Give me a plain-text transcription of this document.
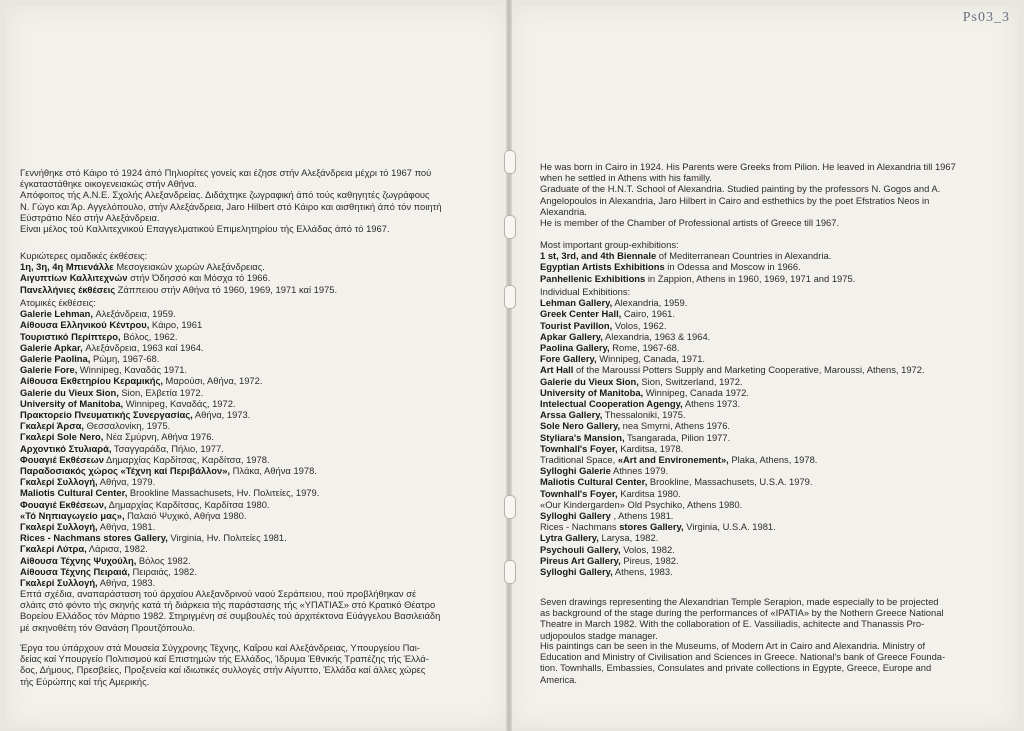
Ps03_3

Γεννήθηκε στό Κάιρο τό 1924 άπό Πηλιορίτες γονείς και έζησε στήν Αλεξάνδρεια μέχρι τό 1967 πού

έγκαταστάθηκε οικογενειακώς στήν Αθήνα.

Απόφοιτος τής Α.Ν.Ε. Σχολής Αλεξανδρείας. Διδάχτηκε ζωγραφική άπό τούς καθηγητές ζωγράφους

Ν. Γώγο και Άρ. Αγγελόπουλο, στήν Αλεξάνδρεια, Jaro Hilbert στό Κάιρο και αισθητική άπό τόν ποιητή

Εύστράτιο Νέο στήν Αλεξάνδρεια.

Είναι μέλος τού Καλλιτεχνικού Επαγγελματικού Επιμελητηρίου τής Ελλάδας άπό τό 1967.

Κυριώτερες ομαδικές έκθέσεις:

1η, 3η, 4η Μπιενάλλε Μεσογειακών χωρών Αλεξάνδρειας.

Αιγυπτίων Καλλιτεχνών στήν Όδησσό και Μόσχα τό 1966.

Πανελλήνιες έκθέσεις Ζάππειου στήν Αθήνα τό 1960, 1969, 1971 καί 1975.

Ατομικές έκθέσεις:

Galerie Lehman, Αλεξάνδρεια, 1959.

Αίθουσα Ελληνικού Κέντρου, Κάιρο, 1961

Τουριστικό Περίπτερο, Βόλος, 1962.

Galerie Apkar, Αλεξάνδρεια, 1963 καί 1964.

Galerie Paolina, Ρώμη, 1967-68.

Galerie Fore, Winnipeg, Καναδάς 1971.

Αίθουσα Εκθετηρίου Κεραμικής, Μαρούσι, Αθήνα, 1972.

Galerie du Vieux Sion, Sion, Ελβετία 1972.

University of Manitoba, Winnipeg, Καναδάς, 1972.

Πρακτορείο Πνευματικής Συνεργασίας, Αθήνα, 1973.

Γκαλερί Άρσα, Θεσσαλονίκη, 1975.

Γκαλερί Sole Nero, Νέα Σμύρνη, Αθήνα 1976.

Αρχοντικό Στυλιαρά, Τσαγγαράδα, Πήλιο, 1977.

Φουαγιέ Εκθέσεων Δημαρχίας Καρδίτσας, Καρδίτσα, 1978.

Παραδοσιακός χώρος «Τέχνη καί Περιβάλλον», Πλάκα, Αθήνα 1978.

Γκαλερί Συλλογή, Αθήνα, 1979.

Maliotis Cultural Center, Brookline Massachusets, Ην. Πολιτείες, 1979.

Φουαγιέ Εκθέσεων, Δημαρχίας Καρδίτσας, Καρδίτσα 1980.

«Τό Νηπιαγωγείο μας», Παλαιό Ψυχικό, Αθήνα 1980.

Γκαλερί Συλλογή, Αθήνα, 1981.

Rices - Nachmans stores Gallery, Virginia, Ην. Πολιτείες 1981.

Γκαλερί Λύτρα, Λάρισα, 1982.

Αίθουσα Τέχνης Ψυχούλη, Βόλος 1982.

Αίθουσα Τέχνης Πειραιά, Πειραιάς, 1982.

Γκαλερί Συλλογή, Αθήνα, 1983.

Επτά σχέδια, αναπαράσταση τού άρχαίου Αλεξανδρινού ναού Σεράπειου, πού προβλήθηκαν σέ

σλάιτς στό φόντο τής σκηνής κατά τή διάρκεια τής παράστασης τής «ΥΠΑΤΙΑΣ» στό Κρατικό Θέατρο

Βορείου Ελλάδος τόν Μάρτιο 1982. Στηριγμένη σέ συμβουλές τού άρχιτέκτονα Εύάγγελου Βασιλειάδη

μέ σκηνοθέτη τόν Θανάση Προυτζόπουλο.

Έργα του ύπάρχουν στά Μουσεία Σύγχρονης Τέχνης, Καΐρου καί Αλεξάνδρειας, Υπουργείου Παι-

δείας καί Υπουργείο Πολιτισμού καί Επιστημών τής Ελλάδος, Ίδρυμα Έθνικής Τραπέζης τής Έλλά-

δος, Δήμους, Πρεσβείες, Προξενεία καί ιδιωτικές συλλογές στήν Αίγυπτο, Έλλάδα καί άλλες χώρες

τής Εύρώπης καί τής Αμερικής.

He was born in Cairo in 1924. His Parents were Greeks from Pilion. He leaved in Alexandria till 1967

when he settled in Athens with his familly.

Graduate of the H.N.T. School of Alexandria. Studied painting by the professors N. Gogos and A.

Angelopoulos in Alexandria, Jaro Hilbert in Cairo and esthethics by the poet Efstratios Neos in

Alexandria.

He is member of the Chamber of Professional artists of Greece till 1967.

Most important group-exhibitions:

1 st, 3rd, and 4th Biennale of Mediterranean Countries in Alexandria.

Egyptian Artists Exhibitions in Odessa and Moscow in 1966.

Panhellenic Exhibitions in Zappion, Athens in 1960, 1969, 1971 and 1975.

Individual Exhibitions:

Lehman Gallery, Alexandria, 1959.

Greek Center Hall, Cairo, 1961.

Tourist Pavillon, Volos, 1962.

Apkar Gallery, Alexandria, 1963 & 1964.

Paolina Gallery, Rome, 1967-68.

Fore Gallery, Winnipeg, Canada, 1971.

Art Hall of the Maroussi Potters Supply and Marketing Cooperative, Maroussi, Athens, 1972.

Galerie du Vieux Sion, Sion, Switzerland, 1972.

University of Manitoba, Winnipeg, Canada 1972.

Intelectual Cooperation Agengy, Athens 1973.

Arssa Gallery, Thessaloniki, 1975.

Sole Nero Gallery, nea Smyrni, Athens 1976.

Styliara's Mansion, Tsangarada, Pilion 1977.

Townhall's Foyer, Karditsa, 1978.

Traditional Space, «Art and Environement», Plaka, Athens, 1978.

Sylloghi Galerie Athnes 1979.

Maliotis Cultural Center, Brookline, Massachusets, U.S.A. 1979.

Townhall's Foyer, Karditsa 1980.

«Our Kindergarden» Old Psychiko, Athens 1980.

Sylloghi Gallery , Athens 1981.

Rices - Nachmans stores Gallery, Virginia, U.S.A. 1981.

Lytra Gallery, Larysa, 1982.

Psychouli Gallery, Volos, 1982.

Pireus Art Gallery, Pireus, 1982.

Sylloghi Gallery, Athens, 1983.

Seven drawings representing the Alexandrian Temple Serapion, made especially to be projected

as background of the stage during the performances of «IPATIA» by the Nothern Greece National

Theatre in March 1982. With the collaboration of E. Vassiliadis, achitecte and Thanassis Pro-

udjopoulos stadge manager.

His paintings can be seen in the Museums, of Modern Art in Cairo and Alexandria. Ministry of

Education and Ministry of Civilisation and Sciences in Greece. National's bank of Greece Founda-

tion. Townhalls, Embassies, Consulates and private collections in Egypte, Greece, Europe and

America.
